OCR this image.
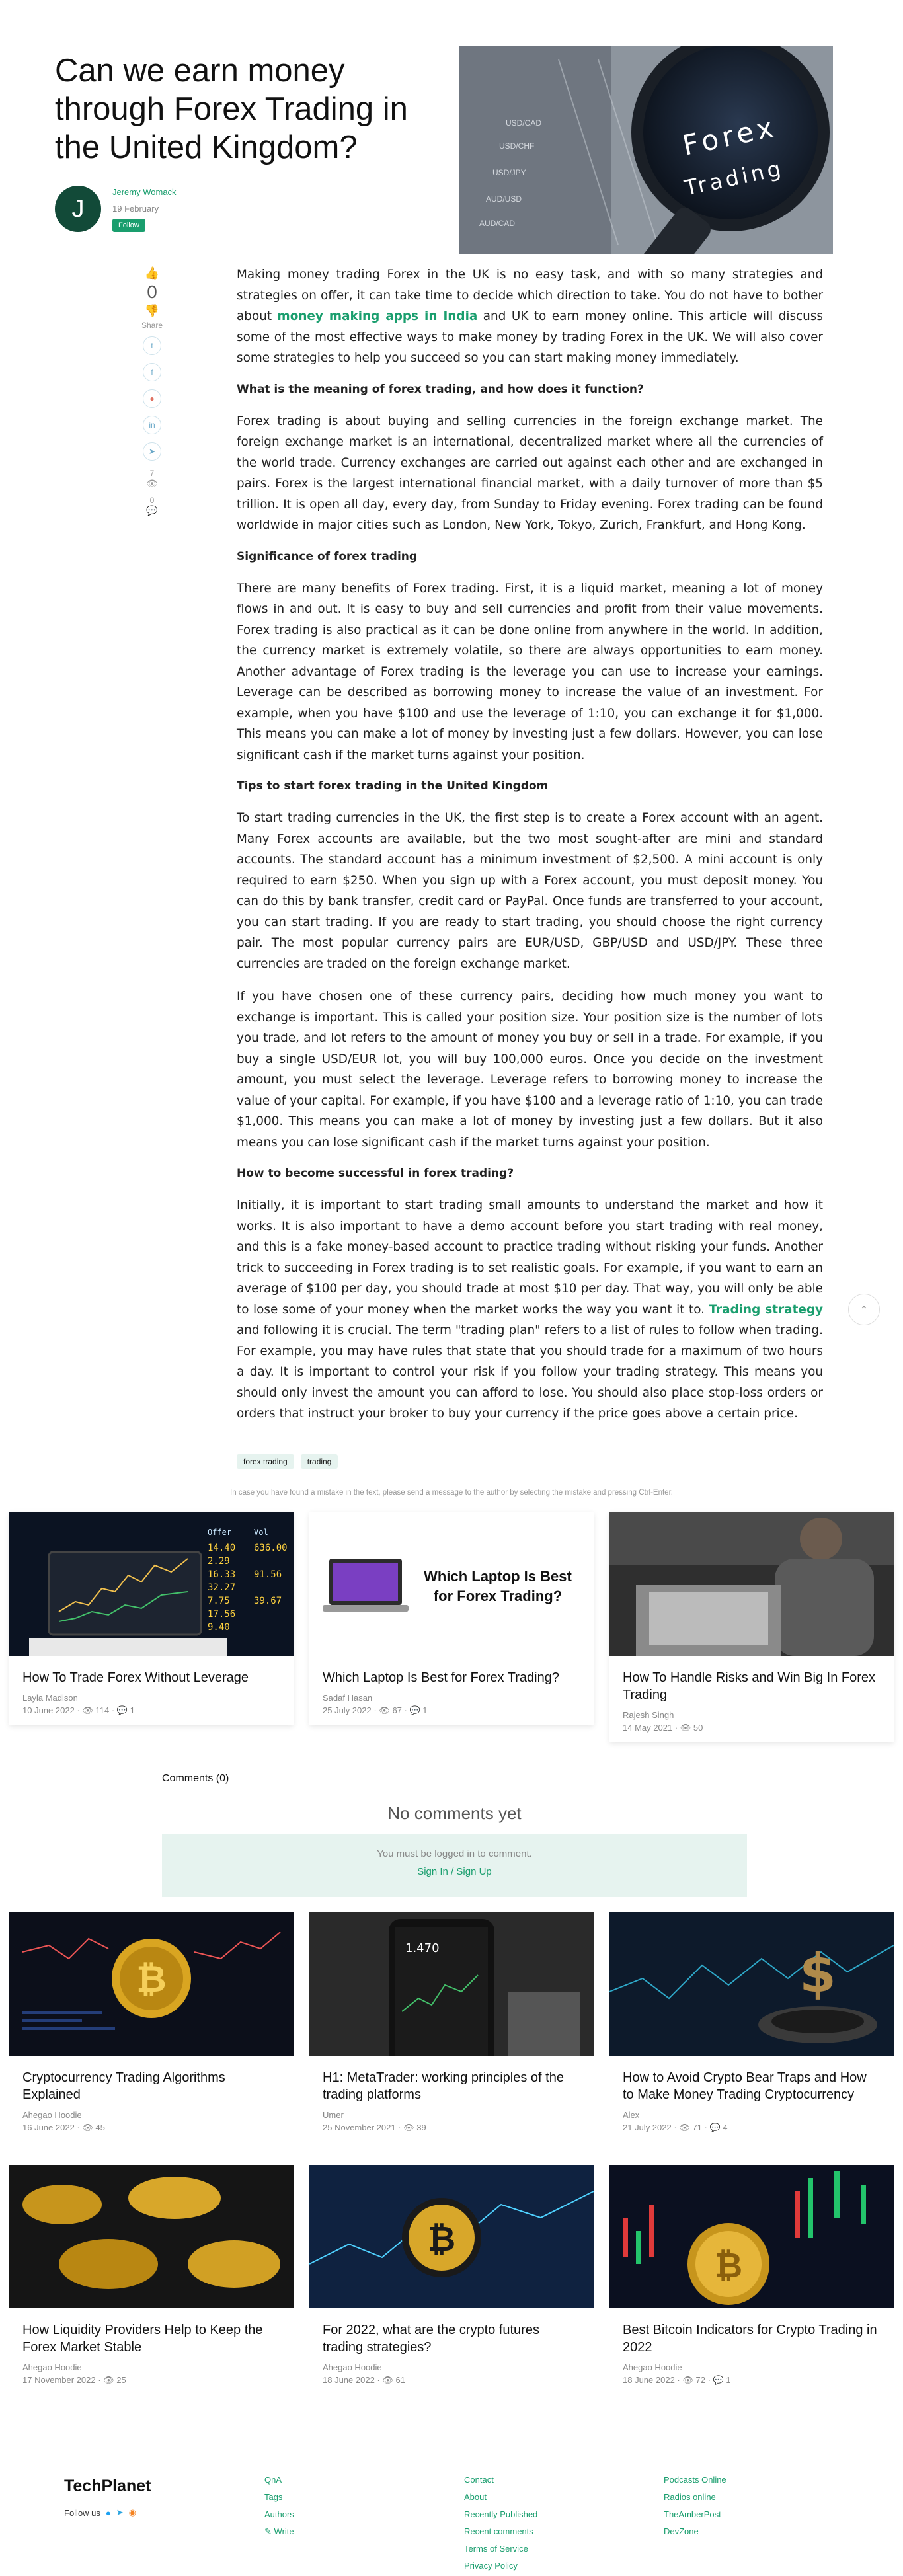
Can we earn money through Forex Trading in the United Kingdom?
J
Jeremy Womack
19 February
Follow
USD/CAD
USD/CHF
USD/JPY
AUD/USD
AUD/CAD
Forex
Trading
👍
0
👎
Share
t
f
●
in
➤
7
👁
0
💬

Making money trading Forex in the UK is no easy task, and with so many strategies and strategies on offer, it can take time to decide which direction to take. You do not have to bother about money making apps in India and UK to earn money online. This article will discuss some of the most effective ways to make money by trading Forex in the UK. We will also cover some strategies to help you succeed so you can start making money immediately.

What is the meaning of forex trading, and how does it function?

Forex trading is about buying and selling currencies in the foreign exchange market. The foreign exchange market is an international, decentralized market where all the currencies of the world trade. Currency exchanges are carried out against each other and are exchanged in pairs. Forex is the largest international financial market, with a daily turnover of more than $5 trillion. It is open all day, every day, from Sunday to Friday evening. Forex trading can be found worldwide in major cities such as London, New York, Tokyo, Zurich, Frankfurt, and Hong Kong.

Significance of forex trading

There are many benefits of Forex trading. First, it is a liquid market, meaning a lot of money flows in and out. It is easy to buy and sell currencies and profit from their value movements. Forex trading is also practical as it can be done online from anywhere in the world. In addition, the currency market is extremely volatile, so there are always opportunities to earn money. Another advantage of Forex trading is the leverage you can use to increase your earnings. Leverage can be described as borrowing money to increase the value of an investment. For example, when you have $100 and use the leverage of 1:10, you can exchange it for $1,000. This means you can make a lot of money by investing just a few dollars. However, you can lose significant cash if the market turns against your position.

Tips to start forex trading in the United Kingdom

To start trading currencies in the UK, the first step is to create a Forex account with an agent. Many Forex accounts are available, but the two most sought-after are mini and standard accounts. The standard account has a minimum investment of $2,500. A mini account is only required to earn $250. When you sign up with a Forex account, you must deposit money. You can do this by bank transfer, credit card or PayPal. Once funds are transferred to your account, you can start trading. If you are ready to start trading, you should choose the right currency pair. The most popular currency pairs are EUR/USD, GBP/USD and USD/JPY. These three currencies are traded on the foreign exchange market.

If you have chosen one of these currency pairs, deciding how much money you want to exchange is important. This is called your position size. Your position size is the number of lots you trade, and lot refers to the amount of money you buy or sell in a trade. For example, if you buy a single USD/EUR lot, you will buy 100,000 euros. Once you decide on the investment amount, you must select the leverage. Leverage refers to borrowing money to increase the value of your capital. For example, if you have $100 and a leverage ratio of 1:10, you can trade $1,000. This means you can make a lot of money by investing just a few dollars. But it also means you can lose significant cash if the market turns against your position.

How to become successful in forex trading?

Initially, it is important to start trading small amounts to understand the market and how it works. It is also important to have a demo account before you start trading with real money, and this is a fake money-based account to practice trading without risking your funds. Another trick to succeeding in Forex trading is to set realistic goals. For example, if you want to earn an average of $100 per day, you should trade at most $10 per day. That way, you will only be able to lose some of your money when the market works the way you want it to. Trading strategy and following it is crucial. The term "trading plan" refers to a list of rules to follow when trading. For example, you may have rules that state that you should trade for a maximum of two hours a day. It is important to control your risk if you follow your trading strategy. This means you should only invest the amount you can afford to lose. You should also place stop-loss orders or orders that instruct your broker to buy your currency if the price goes above a certain price.

⌃
forex trading	trading
In case you have found a mistake in the text, please send a message to the author by selecting the mistake and pressing Ctrl-Enter.
Offer	Vol
14.40
2.29
16.33
32.27
7.75
17.56
9.40
636.00
91.56
39.67
How To Trade Forex Without Leverage
Layla Madison
10 June 2022 · 👁 114 · 💬 1
Which Laptop Is Best
for Forex Trading?
Which Laptop Is Best for Forex Trading?
Sadaf Hasan
25 July 2022 · 👁 67 · 💬 1
How To Handle Risks and Win Big In Forex Trading
Rajesh Singh
14 May 2021 · 👁 50
Comments (0)
No comments yet
You must be logged in to comment.
Sign In / Sign Up
₿
Cryptocurrency Trading Algorithms Explained
Ahegao Hoodie
16 June 2022 · 👁 45
1.470
H1: MetaTrader: working principles of the trading platforms
Umer
25 November 2021 · 👁 39
$
How to Avoid Crypto Bear Traps and How to Make Money Trading Cryptocurrency
Alex
21 July 2022 · 👁 71 · 💬 4
How Liquidity Providers Help to Keep the Forex Market Stable
Ahegao Hoodie
17 November 2022 · 👁 25
₿
For 2022, what are the crypto futures trading strategies?
Ahegao Hoodie
18 June 2022 · 👁 61
₿
Best Bitcoin Indicators for Crypto Trading in 2022
Ahegao Hoodie
18 June 2022 · 👁 72 · 💬 1
TechPlanet
Follow us ● ➤ ◉
QnA
Tags
Authors
✎ Write
Contact
About
Recently Published
Recent comments
Terms of Service
Privacy Policy
Podcasts Online
Radios online
TheAmberPost
DevZone
